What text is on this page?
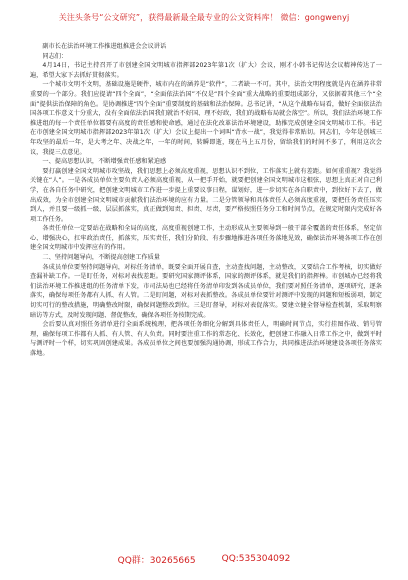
关注头条号“公文研究”，获得最新最全最专业的公文资料库！ 微信：gongwenyj
副市长在法治环境工作推进组推进会会议讲话
同志们：

4月14日，书记主持召开了市创建全国文明城市指挥部2023年第1次（扩大）会议，刚才小韩书记传达会议精神传达了一遍，希望大家下去抓好贯彻落实。

一个城市文明不文明，基础设施是硬件，城市内在的涵养是“软件”，二者缺一不可。其中，法治文明程度就是内在涵养非常重要的一个部分。我们应提请“四个全面”，“全面依法治国”不仅是“四个全面”重大战略的重要组成部分，又依据着其他三个“全面”提供法治保障的角色。是协调推进“四个全面”重要制度的基础和法治保障。总书记讲，“从这个战略布局看，做好全面依法治国各项工作意义十分重大，没有全面依法治国我们就治不好国、理不好政，我们的战略布局就会落空”。所以，我们法治环境工作推进组的每一个责任单位都要有高度的责任感和使命感，通过在法化改革法治环境建设，助推完成创建全国文明城市工作。书记在市创建全国文明城市指挥部2023年第1次（扩大）会议上提出一个词叫“背水一战”，我觉得非常贴切。同志们，今年是创城三年攻坚的最后一年，是大考之年、决战之年，一年的时间，转瞬即逝，现在马上五月份，留给我们的时间不多了，利用这次会议，我提三点意见。

一、提高思想认识，不断增强责任感和紧迫感

要打赢创建全国文明城市攻坚战，我们思想上必须高度重视，思想认识不到位，工作落实上就有差距。如何重重视？我觉得关键在“人”。一是各成员单位主要负责人必须高度重视，从一把手开始，就要把创建全国文明城市这根弦，思想上真正对自己利学，在各自任务中研究，把创建文明城市工作进一步提上重要议事日程，谋划好，进一步切实在各自职责中，到位好下去了，做出成效，为全市创建全国文明城市贡献我们法治环境的应有力量。二是分管领导和具体责任人必须高度重视，要把任务责任压实到人，并且要一级抓一级、层层抓落实，真正做到知责、担责、尽责，要严格按照任务分工和时间节点，在规定时限内完成好各项工作任务。

各责任单位一定要站在战略和全局的高度，高度重视创建工作，主动形成从主要领导到一般干部全覆盖的责任体系，坚定信心、增强决心，扛牢政治责任，抓落实，压实责任，我们分阶段、有步骤地推进各项任务落地见效，确保法治环境各项工作在创建全国文明城市中发挥应有的作用。

二、坚持问题导向，不断提高创建工作质量

各成员单位要坚持问题导向，对标任务清单，既要全面开展自查，主动查找问题，主动整改，又要结合工作考核，切实做好查漏补缺工作。一是盯任务，对标对表找差距。要研究国家测评体系，国家的测评体系，就是我们的指挥棒。市创城办已经将我们法治环境工作推进组的任务清单下发，市司法局也已经将任务清单印发到各成员单位，我们要对照任务清单，逐项研究，逐条落实，确保每项任务都有人抓、有人管。二是盯问题，对标对表抓整改。各成员单位要针对测评中发现的问题和短板弱项，制定切实可行的整改措施，明确整改时限，确保问题整改到位。三是盯督导，对标对表促落实。要建立健全督导检查机制，采取明察暗访等方式，及时发现问题、督促整改，确保各项任务按期完成。

会后要认真对照任务清单进行全面系统梳理，把各项任务细化分解到具体责任人，明确时间节点，实行挂图作战、销号管理，确保每项工作都有人抓、有人管、有人负责。同时要注重工作的常态化、长效化，把创建工作融入日常工作之中，做到平时与测评时一个样，切实巩固创建成果。各成员单位之间也要加强沟通协调，形成工作合力，共同推进法治环境建设各项任务落实落地。

QQ群：30265665	QQ:535304092
